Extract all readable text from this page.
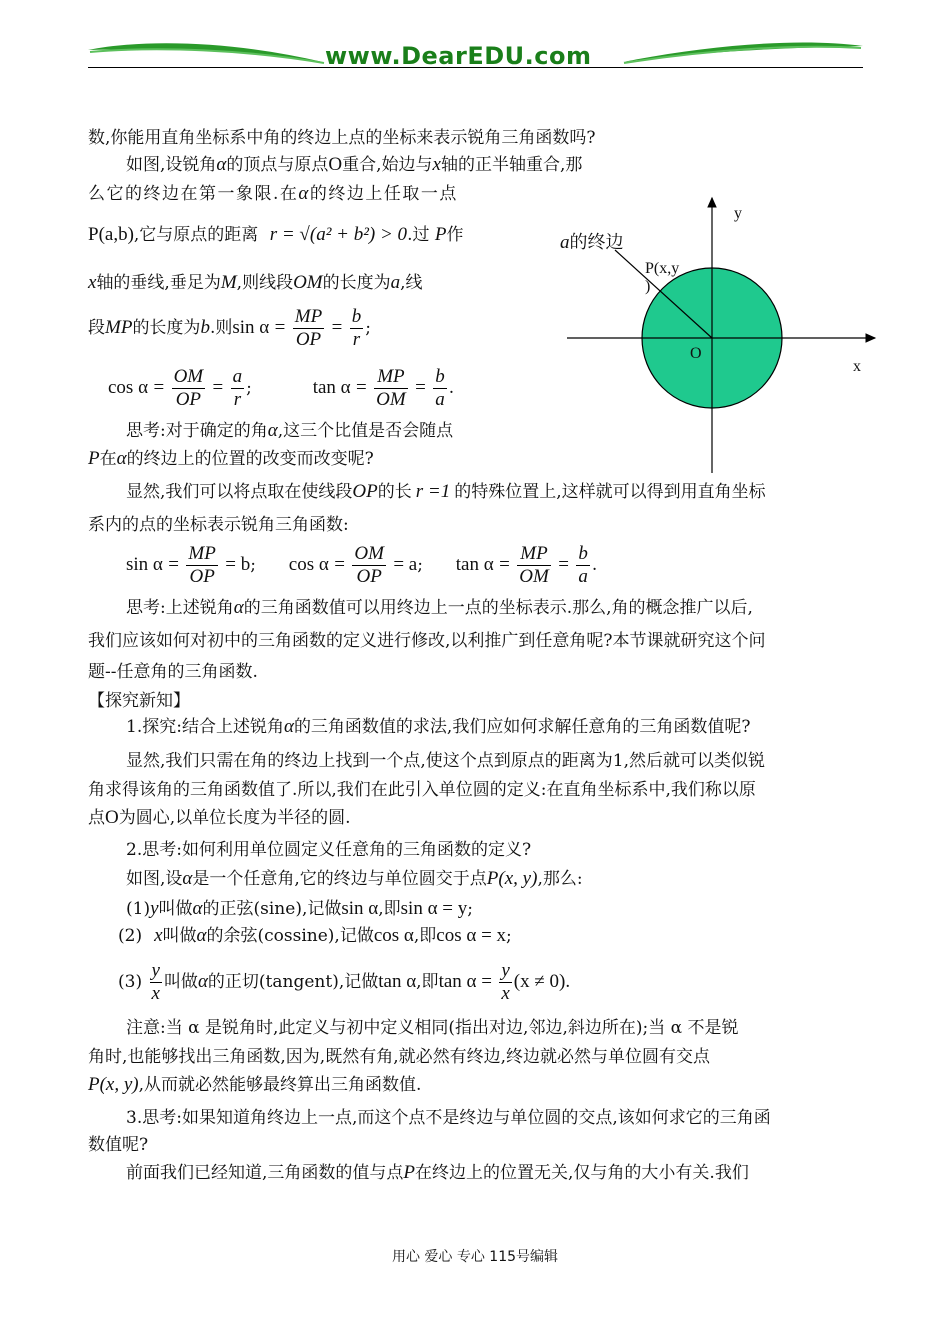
www.DearEDU.com
y
x
O
P(x,y
)
a的终边
数,你能用直角坐标系中角的终边上点的坐标来表示锐角三角函数吗?
如图,设锐角α的顶点与原点O重合,始边与x轴的正半轴重合,那
么它的终边在第一象限.在α的终边上任取一点
P(a,b),它与原点的距离 r = √(a² + b²) > 0.过 P作
x轴的垂线,垂足为M,则线段OM的长度为a,线
段MP的长度为b.则$\sin \alpha = \frac{MP}{OP} = \frac{b}{r}$ ;
$\cos \alpha = \frac{OM}{OP} = \frac{a}{r}$ ;	$\tan \alpha = \frac{MP}{OM} = \frac{b}{a}$ .
思考:对于确定的角α,这三个比值是否会随点
P在α的终边上的位置的改变而改变呢?
显然,我们可以将点取在使线段OP的长 r =1 的特殊位置上,这样就可以得到用直角坐标
系内的点的坐标表示锐角三角函数:
$\sin \alpha = \frac{MP}{OP} = b$; $\cos \alpha = \frac{OM}{OP} = a$; $\tan \alpha = \frac{MP}{OM} = \frac{b}{a}$ .
思考:上述锐角α的三角函数值可以用终边上一点的坐标表示.那么,角的概念推广以后,
我们应该如何对初中的三角函数的定义进行修改,以利推广到任意角呢?本节课就研究这个问
题--任意角的三角函数.
【探究新知】
1.探究:结合上述锐角α的三角函数值的求法,我们应如何求解任意角的三角函数值呢?
显然,我们只需在角的终边上找到一个点,使这个点到原点的距离为1,然后就可以类似锐
角求得该角的三角函数值了.所以,我们在此引入单位圆的定义:在直角坐标系中,我们称以原
点O为圆心,以单位长度为半径的圆.
2.思考:如何利用单位圆定义任意角的三角函数的定义?
如图,设α是一个任意角,它的终边与单位圆交于点P(x, y),那么:
(1)y叫做α的正弦(sine),记做sin α,即sin α = y;
(2) x叫做α的余弦(cossine),记做cos α,即cos α = x;
$(3) \frac{y}{x}$ 叫做α的正切(tangent),记做tan α,即$\tan \alpha = \frac{y}{x} (x \ne 0)$.
注意:当 α 是锐角时,此定义与初中定义相同(指出对边,邻边,斜边所在);当 α 不是锐
角时,也能够找出三角函数,因为,既然有角,就必然有终边,终边就必然与单位圆有交点
P(x, y),从而就必然能够最终算出三角函数值.
3.思考:如果知道角终边上一点,而这个点不是终边与单位圆的交点,该如何求它的三角函
数值呢?
前面我们已经知道,三角函数的值与点P在终边上的位置无关,仅与角的大小有关.我们
用心 爱心 专心 115号编辑
